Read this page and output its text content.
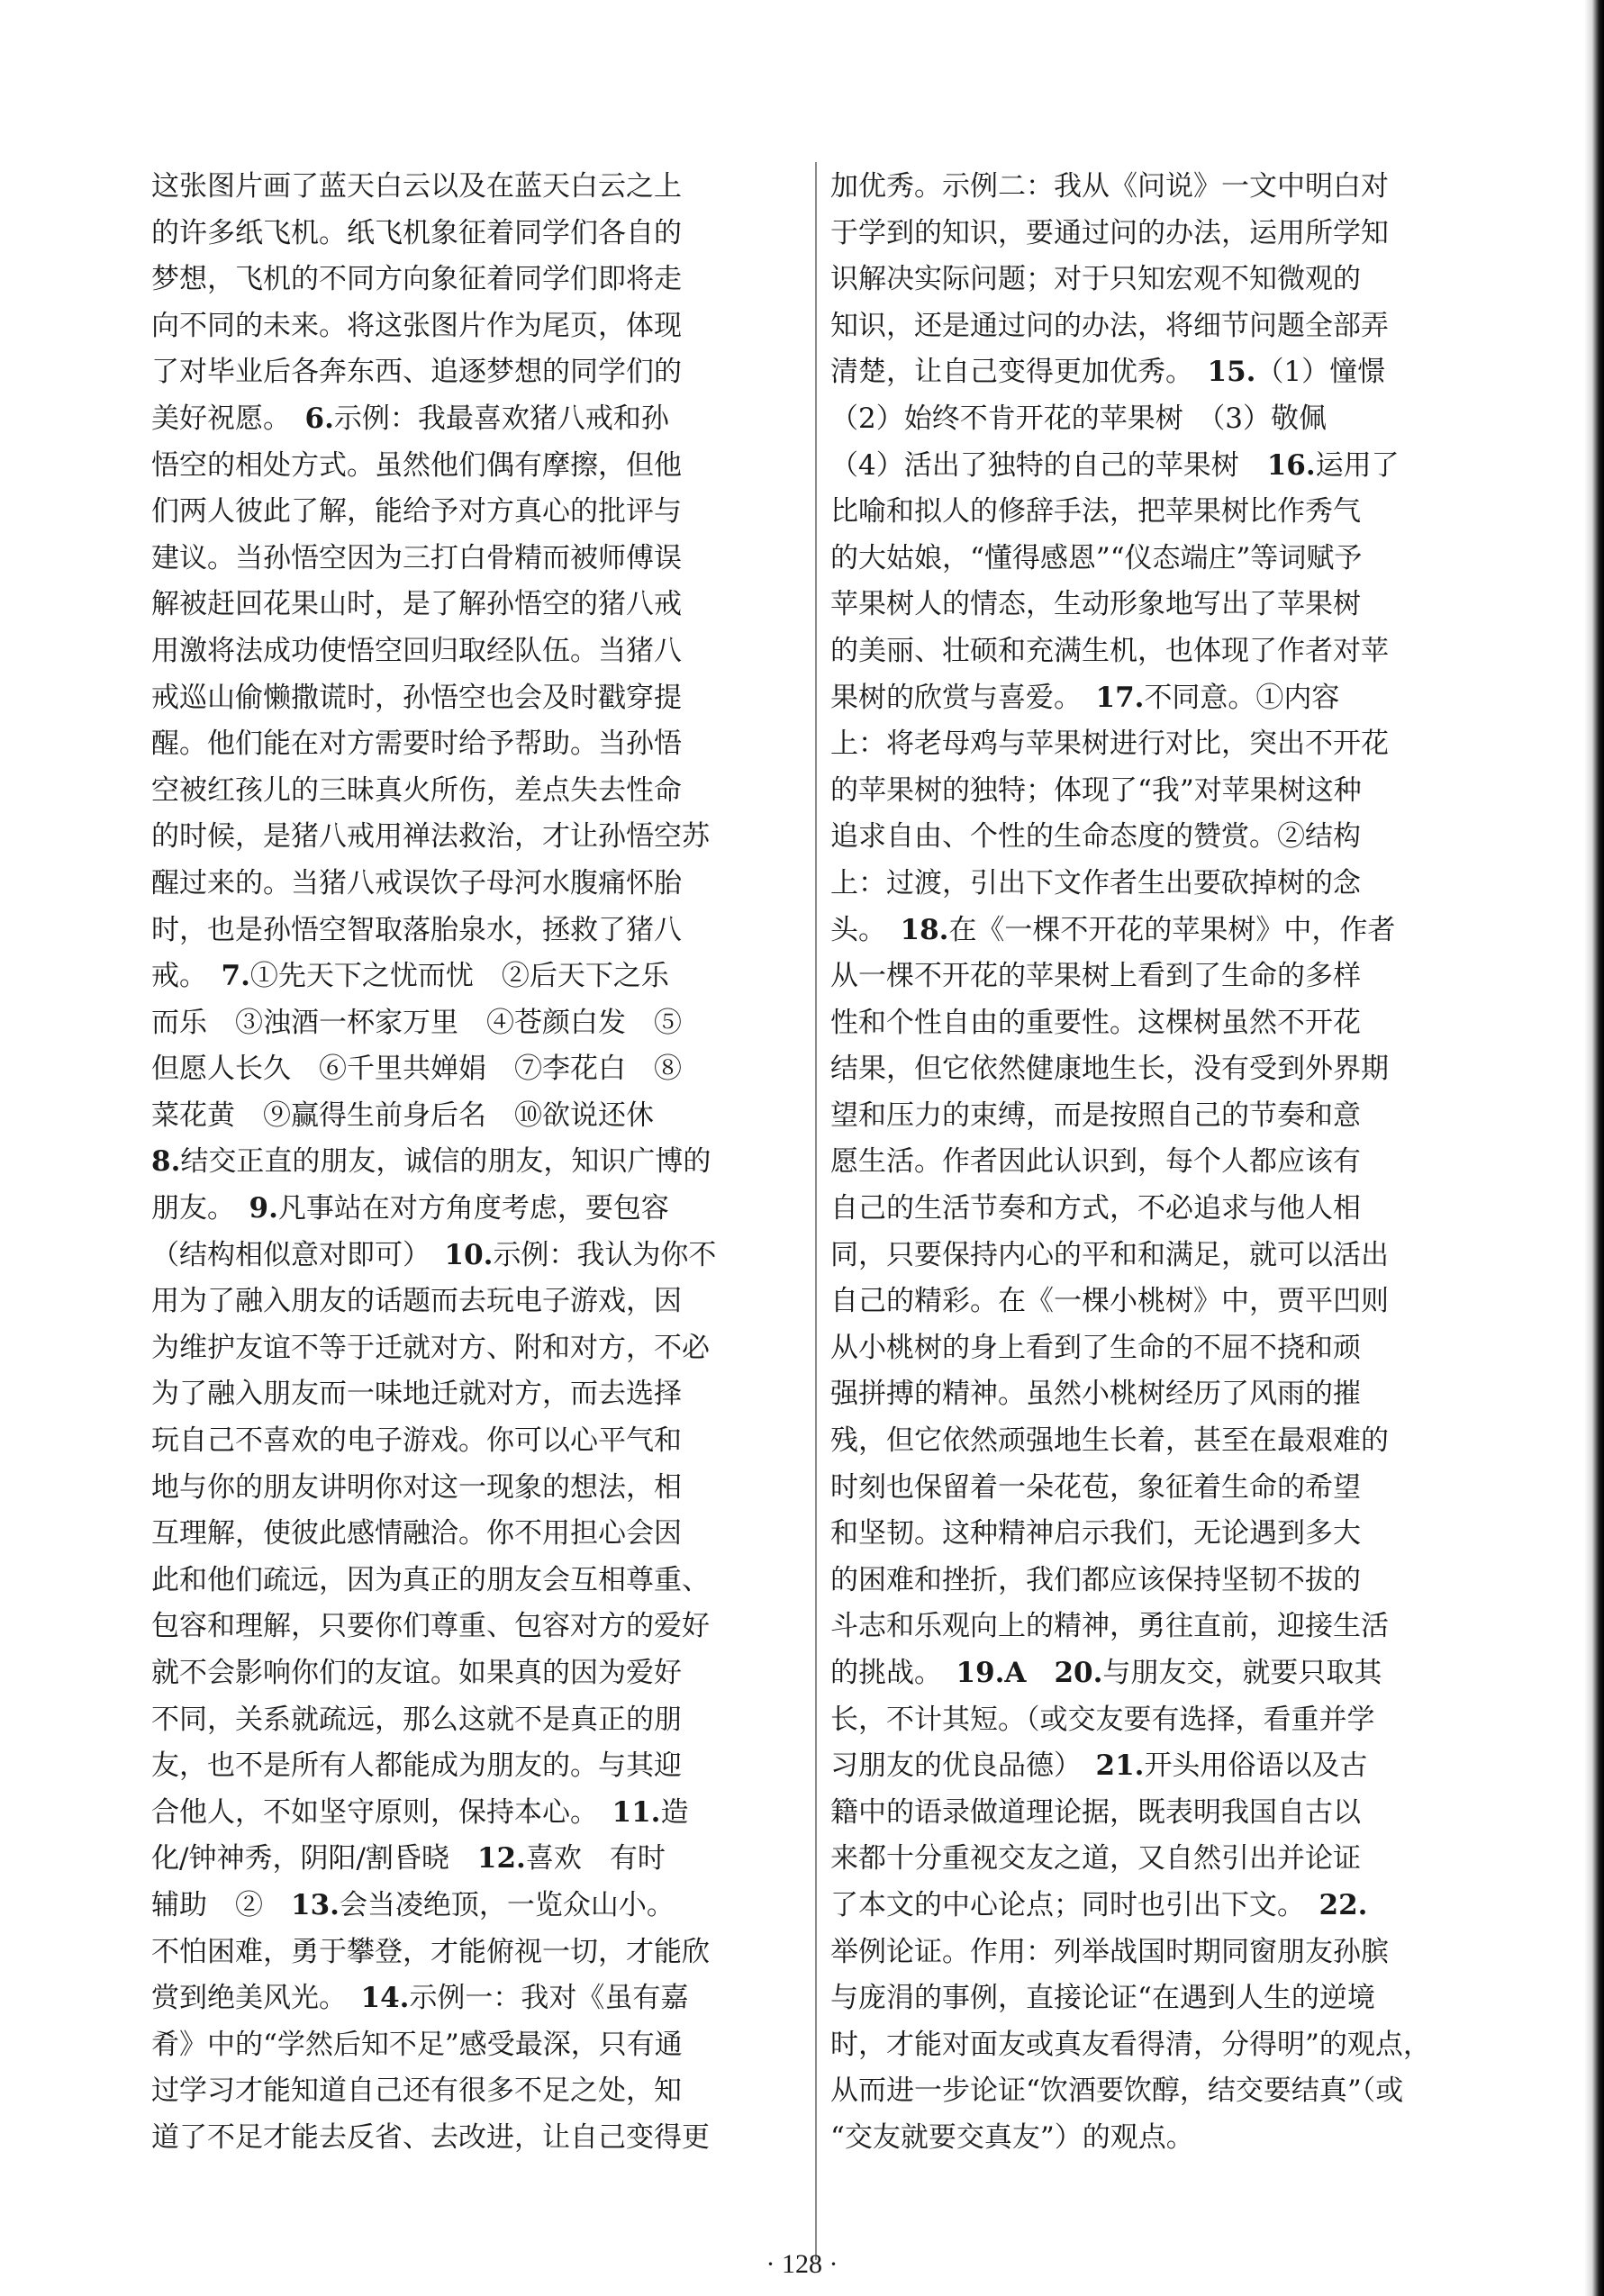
这张图片画了蓝天白云以及在蓝天白云之上
的许多纸飞机。纸飞机象征着同学们各自的
梦想，飞机的不同方向象征着同学们即将走
向不同的未来。将这张图片作为尾页，体现
了对毕业后各奔东西、追逐梦想的同学们的
美好祝愿。　6.示例：我最喜欢猪八戒和孙
悟空的相处方式。虽然他们偶有摩擦，但他
们两人彼此了解，能给予对方真心的批评与
建议。当孙悟空因为三打白骨精而被师傅误
解被赶回花果山时，是了解孙悟空的猪八戒
用激将法成功使悟空回归取经队伍。当猪八
戒巡山偷懒撒谎时，孙悟空也会及时戳穿提
醒。他们能在对方需要时给予帮助。当孙悟
空被红孩儿的三昧真火所伤，差点失去性命
的时候，是猪八戒用禅法救治，才让孙悟空苏
醒过来的。当猪八戒误饮子母河水腹痛怀胎
时，也是孙悟空智取落胎泉水，拯救了猪八
戒。　7.①先天下之忧而忧　②后天下之乐
而乐　③浊酒一杯家万里　④苍颜白发　⑤
但愿人长久　⑥千里共婵娟　⑦李花白　⑧
菜花黄　⑨赢得生前身后名　⑩欲说还休
8.结交正直的朋友，诚信的朋友，知识广博的
朋友。　9.凡事站在对方角度考虑，要包容
（结构相似意对即可）　10.示例：我认为你不
用为了融入朋友的话题而去玩电子游戏，因
为维护友谊不等于迁就对方、附和对方，不必
为了融入朋友而一味地迁就对方，而去选择
玩自己不喜欢的电子游戏。你可以心平气和
地与你的朋友讲明你对这一现象的想法，相
互理解，使彼此感情融洽。你不用担心会因
此和他们疏远，因为真正的朋友会互相尊重、
包容和理解，只要你们尊重、包容对方的爱好
就不会影响你们的友谊。如果真的因为爱好
不同，关系就疏远，那么这就不是真正的朋
友，也不是所有人都能成为朋友的。与其迎
合他人，不如坚守原则，保持本心。　11.造
化/钟神秀，阴阳/割昏晓　12.喜欢　有时
辅助　②　13.会当凌绝顶，一览众山小。
不怕困难，勇于攀登，才能俯视一切，才能欣
赏到绝美风光。　14.示例一：我对《虽有嘉
肴》中的“学然后知不足”感受最深，只有通
过学习才能知道自己还有很多不足之处，知
道了不足才能去反省、去改进，让自己变得更
加优秀。示例二：我从《问说》一文中明白对
于学到的知识，要通过问的办法，运用所学知
识解决实际问题；对于只知宏观不知微观的
知识，还是通过问的办法，将细节问题全部弄
清楚，让自己变得更加优秀。　15.（1）憧憬
（2）始终不肯开花的苹果树　（3）敬佩
（4）活出了独特的自己的苹果树　16.运用了
比喻和拟人的修辞手法，把苹果树比作秀气
的大姑娘，“懂得感恩”“仪态端庄”等词赋予
苹果树人的情态，生动形象地写出了苹果树
的美丽、壮硕和充满生机，也体现了作者对苹
果树的欣赏与喜爱。　17.不同意。①内容
上：将老母鸡与苹果树进行对比，突出不开花
的苹果树的独特；体现了“我”对苹果树这种
追求自由、个性的生命态度的赞赏。②结构
上：过渡，引出下文作者生出要砍掉树的念
头。　18.在《一棵不开花的苹果树》中，作者
从一棵不开花的苹果树上看到了生命的多样
性和个性自由的重要性。这棵树虽然不开花
结果，但它依然健康地生长，没有受到外界期
望和压力的束缚，而是按照自己的节奏和意
愿生活。作者因此认识到，每个人都应该有
自己的生活节奏和方式，不必追求与他人相
同，只要保持内心的平和和满足，就可以活出
自己的精彩。在《一棵小桃树》中，贾平凹则
从小桃树的身上看到了生命的不屈不挠和顽
强拼搏的精神。虽然小桃树经历了风雨的摧
残，但它依然顽强地生长着，甚至在最艰难的
时刻也保留着一朵花苞，象征着生命的希望
和坚韧。这种精神启示我们，无论遇到多大
的困难和挫折，我们都应该保持坚韧不拔的
斗志和乐观向上的精神，勇往直前，迎接生活
的挑战。　19.A　 20.与朋友交，就要只取其
长，不计其短。（或交友要有选择，看重并学
习朋友的优良品德）　21.开头用俗语以及古
籍中的语录做道理论据，既表明我国自古以
来都十分重视交友之道，又自然引出并论证
了本文的中心论点；同时也引出下文。　22.
举例论证。作用：列举战国时期同窗朋友孙膑
与庞涓的事例，直接论证“在遇到人生的逆境
时，才能对面友或真友看得清，分得明”的观点，
从而进一步论证“饮酒要饮醇，结交要结真”（或
“交友就要交真友”）的观点。
· 128 ·
